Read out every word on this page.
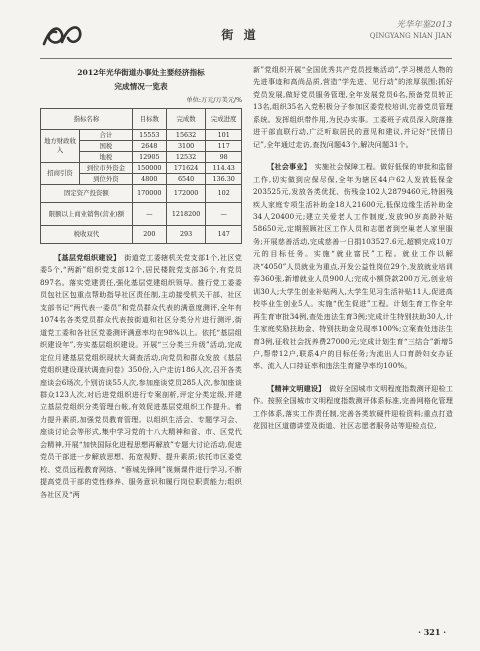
街 道
光华年鉴2013
QINGYANG NIAN JIAN
2012年光华街道办事处主要经济指标
完成情况一览表
单位:万元/万美元/%
指标名称		目标数	完成数	完成进度
地方财政收入	合计	15553	15632	101
	国税	2648	3100	117
	地税	12905	12532	98
招商引资	到位市外资金	150000	171624	114.43
	到位外资	4800	6540	136.30
固定资产投资额		170000	172000	102
限额以上商业销售(营业)额		—	1218200	—
税收双代		200	293	147

【基层党组织建设】　街道党工委辖机关党支部1个,社区党委5个,“两新”组织党支部12个,居民楼院党支部36个,有党员897名。落实党建责任,强化基层党建组织领导。推行党工委委员包社区包重点帮助指导社区责任制,主动接受机关干部、社区支部书记“两代表一委员”和党员群众代表的满意度测评,全年有1074名各类党员群众代表按街道和社区分类分片进行测评,街道党工委和各社区党委测评满意率均在98%以上。依托“基层组织建设年”,夯实基层组织建设。开展“三分类三升级”活动,完成定位月建基层党组织现状大调查活动,向党员和群众发放《基层党组织建设现状调查问卷》350份,入户走访186人次,召开各类座谈会6场次,个别访谈55人次,参加座谈党员285人次,参加座谈群众123人次,对后进党组织进行专案剖析,评定分类定级,并建立基层党组织分类管理台帐,有效促进基层党组织工作提升。着力提升素质,加强党员教育管理。以组织生活会、专题学习会、座谈讨论会等形式,集中学习党的十八大精神和省、市、区党代会精神,开展“加快国际化进程思想再解放”专题大讨论活动,促进党员干部进一步解放思想、拓宽视野、提升素质;依托市区委党校、党员远程教育网络、“蓉城先锋网”视频课件进行学习,不断提高党员干部的党性修养、服务意识和履行岗位职责能力;组织各社区及“两

新”党组织开展“全国优秀共产党员授集活动”,学习模范人物的先进事迹和高尚品质,营造“学先进、见行动”的浓厚氛围;抓好党员发展,做好党员服务管理,全年发展党员6名,预备党员转正13名,组织35名入党积极分子参加区委党校培训,完善党员管理系统。发挥组织带作用,为民办实事。工委班子成员深入院落推进干部直联行动,广泛听取居民的意见和建议,并记好“民情日记”,全年通过走访,查找问题43个,解决问题31个。

【社会事业】　实施社会保障工程。做好低保的审批和监督工作,切实做到应保尽保,全年为辖区44户62人发放低保金203525元,发放各类优抚、伤残金102人2879460元,特困残疾人家庭专项生活补助金18人21600元,低保边缘生活补助金34人20400元;建立关爱老人工作制度,发放90岁高龄补贴58650元,定期照顾社区工作人员和志愿者到空巢老人家里服务;开展慈善活动,完成慈善一日捐103527.6元,超额完成10万元的目标任务。实施“就业富民”工程。就业工作以解决“4050”人员就业为重点,开发公益性岗位29个,发放就业培训券360张,新增就业人员900人;完成小额贷款200万元,创业培训30人;大学生创业补贴两人,大学生见习生活补贴11人,促进高校毕业生创业5人。实施“优生促进”工程。计划生育工作全年再生育审批34例,查处违法生育3例;完成计生特别扶助30人,计生家庭奖励扶助金、特别扶助金兑现率100%;立案查处违法生育3例,征收社会抚养费27000元;完成计划生育“三结合”新增5户,帮带12户,联系4户的目标任务;为流出人口育龄妇女办证率、流入人口持证率和违法生育避孕率均100%。

【精神文明建设】　做好全国城市文明程度指数测评迎检工作。按照全国城市文明程度指数测评体系标准,完善网格化管理工作体系,落实工作责任制,完善各类软硬件迎检资料;重点打造花园社区道德讲堂及街道、社区志愿者服务站等迎检点位,

· 321 ·
